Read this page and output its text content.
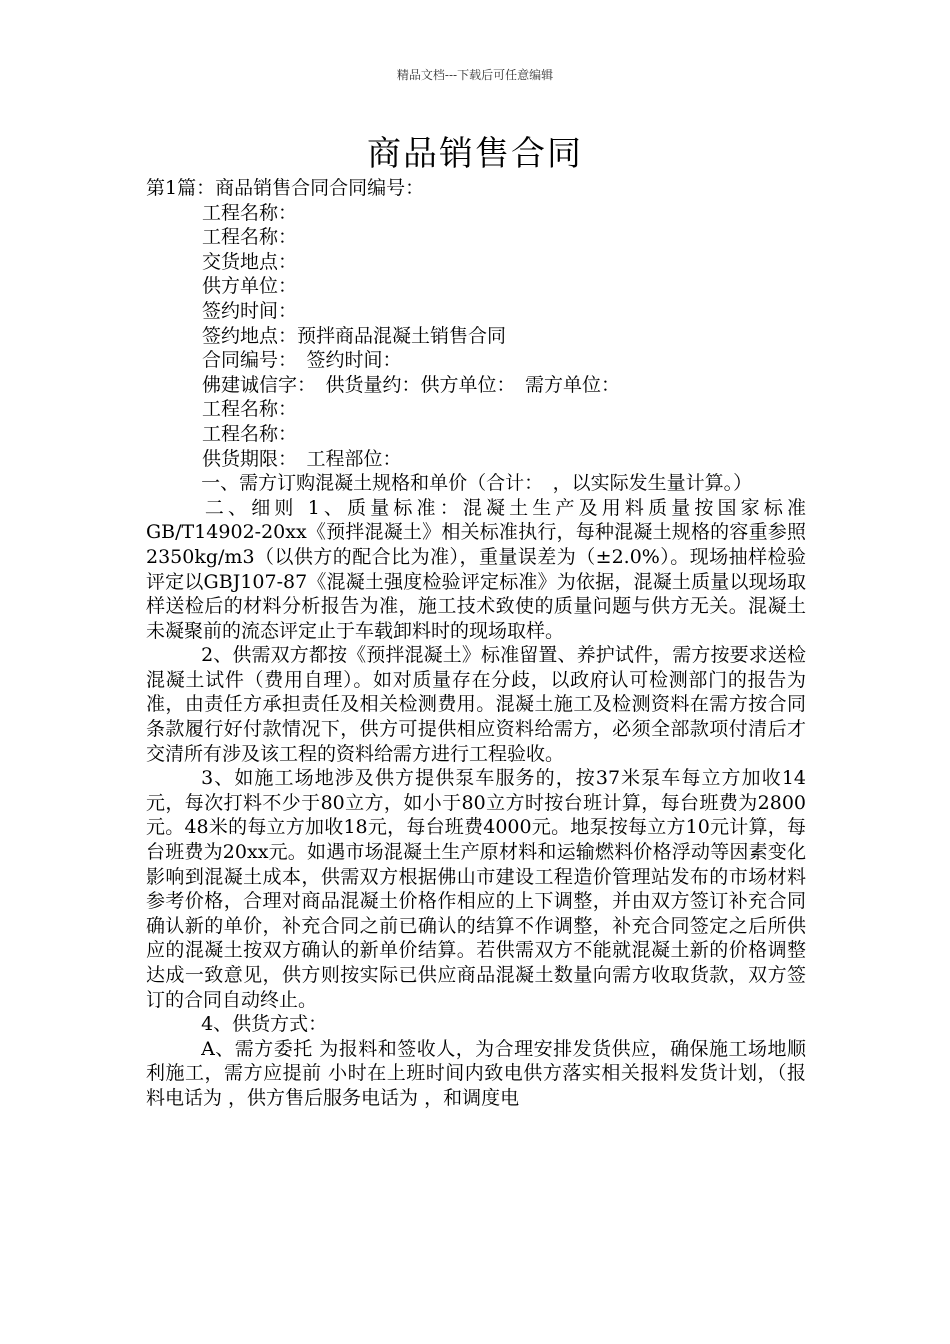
精品文档---下载后可任意编辑
商品销售合同

第1篇：商品销售合同合同编号：

工程名称：

工程名称：

交货地点：

供方单位：

签约时间：

签约地点：预拌商品混凝土销售合同

合同编号：　签约时间：

佛建诚信字：　供货量约：供方单位：　需方单位：

工程名称：

工程名称：

供货期限：　工程部位：

一、需方订购混凝土规格和单价（合计：　，以实际发生量计算。）

二、细则 1、质量标准：混凝土生产及用料质量按国家标准GB/T14902-20xx《预拌混凝土》相关标准执行，每种混凝土规格的容重参照2350kg/m3（以供方的配合比为准），重量误差为（±2.0%）。现场抽样检验评定以GBJ107-87《混凝土强度检验评定标准》为依据，混凝土质量以现场取样送检后的材料分析报告为准，施工技术致使的质量问题与供方无关。混凝土未凝聚前的流态评定止于车载卸料时的现场取样。

2、供需双方都按《预拌混凝土》标准留置、养护试件，需方按要求送检混凝土试件（费用自理）。如对质量存在分歧，以政府认可检测部门的报告为准，由责任方承担责任及相关检测费用。混凝土施工及检测资料在需方按合同条款履行好付款情况下，供方可提供相应资料给需方，必须全部款项付清后才交清所有涉及该工程的资料给需方进行工程验收。

3、如施工场地涉及供方提供泵车服务的，按37米泵车每立方加收14元，每次打料不少于80立方，如小于80立方时按台班计算，每台班费为2800元。48米的每立方加收18元，每台班费4000元。地泵按每立方10元计算，每台班费为20xx元。如遇市场混凝土生产原材料和运输燃料价格浮动等因素变化影响到混凝土成本，供需双方根据佛山市建设工程造价管理站发布的市场材料参考价格，合理对商品混凝土价格作相应的上下调整，并由双方签订补充合同确认新的单价，补充合同之前已确认的结算不作调整，补充合同签定之后所供应的混凝土按双方确认的新单价结算。若供需双方不能就混凝土新的价格调整达成一致意见，供方则按实际已供应商品混凝土数量向需方收取货款，双方签订的合同自动终止。

4、供货方式：

A、需方委托 为报料和签收人，为合理安排发货供应，确保施工场地顺利施工，需方应提前 小时在上班时间内致电供方落实相关报料发货计划，（报料电话为 ，供方售后服务电话为 ，和调度电
